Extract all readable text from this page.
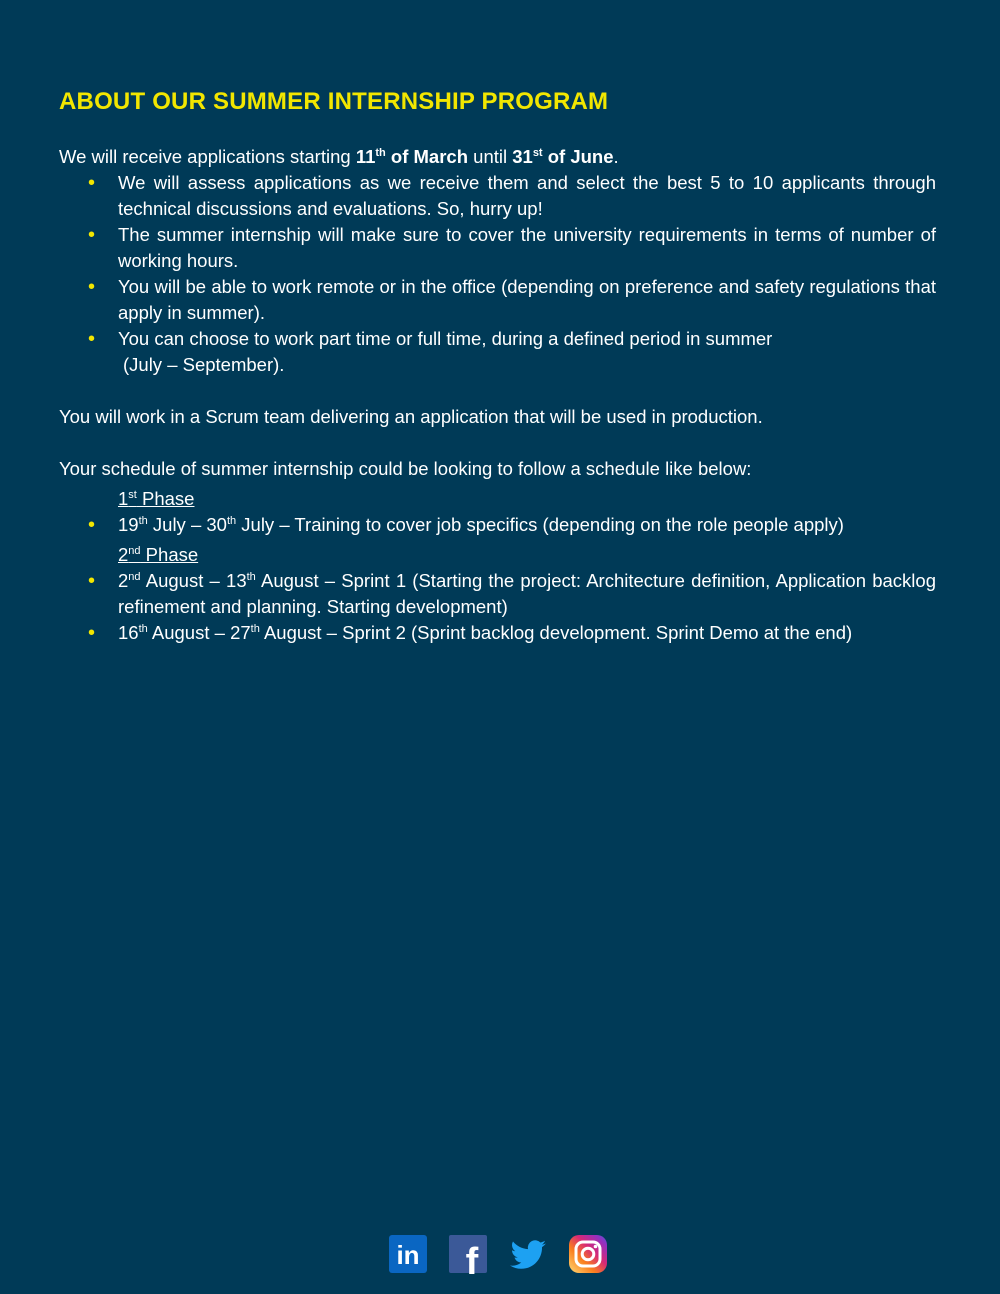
ABOUT OUR SUMMER INTERNSHIP PROGRAM

We will receive applications starting 11th of March until 31st of June.

• We will assess applications as we receive them and select the best 5 to 10 applicants through technical discussions and evaluations. So, hurry up!
• The summer internship will make sure to cover the university requirements in terms of number of working hours.
• You will be able to work remote or in the office (depending on preference and safety regulations that apply in summer).
• You can choose to work part time or full time, during a defined period in summer
(July – September).

You will work in a Scrum team delivering an application that will be used in production.

Your schedule of summer internship could be looking to follow a schedule like below:

1st Phase

• 19th July – 30th July – Training to cover job specifics (depending on the role people apply)

2nd Phase

• 2nd August – 13th August – Sprint 1 (Starting the project: Architecture definition, Application backlog refinement and planning. Starting development)
• 16th August – 27th August – Sprint 2 (Sprint backlog development. Sprint Demo at the end)
in f
